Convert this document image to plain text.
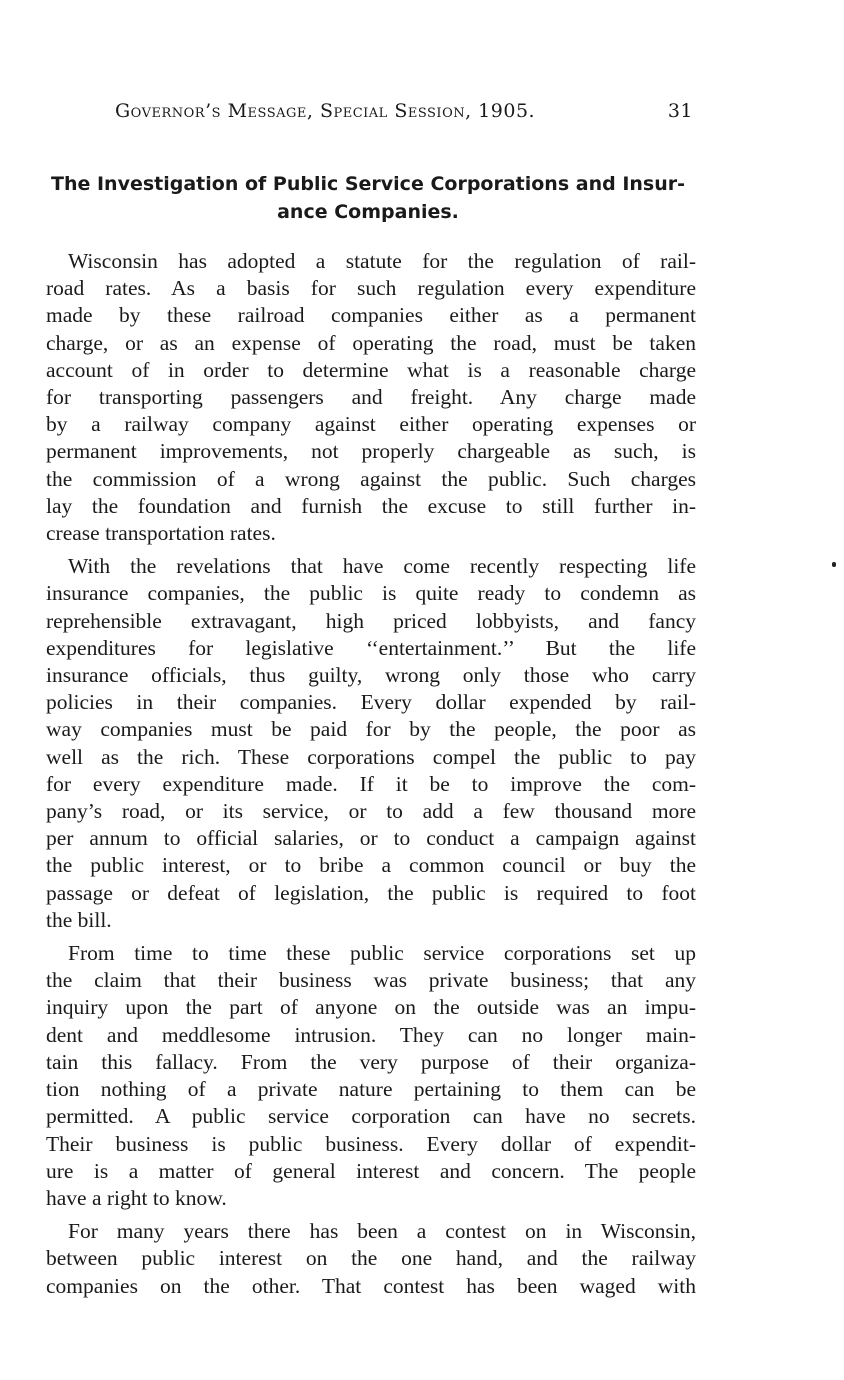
Governor’s Message, Special Session, 1905.	31
The Investigation of Public Service Corporations and Insur-
ance Companies.
Wisconsin has adopted a statute for the regulation of rail-
road rates. As a basis for such regulation every expenditure
made by these railroad companies either as a permanent
charge, or as an expense of operating the road, must be taken
account of in order to determine what is a reasonable charge
for transporting passengers and freight. Any charge made
by a railway company against either operating expenses or
permanent improvements, not properly chargeable as such, is
the commission of a wrong against the public. Such charges
lay the foundation and furnish the excuse to still further in-
crease transportation rates.
With the revelations that have come recently respecting life
insurance companies, the public is quite ready to condemn as
reprehensible extravagant, high priced lobbyists, and fancy
expenditures for legislative ‘‘entertainment.’’ But the life
insurance officials, thus guilty, wrong only those who carry
policies in their companies. Every dollar expended by rail-
way companies must be paid for by the people, the poor as
well as the rich. These corporations compel the public to pay
for every expenditure made. If it be to improve the com-
pany’s road, or its service, or to add a few thousand more
per annum to official salaries, or to conduct a campaign against
the public interest, or to bribe a common council or buy the
passage or defeat of legislation, the public is required to foot
the bill.
From time to time these public service corporations set up
the claim that their business was private business; that any
inquiry upon the part of anyone on the outside was an impu-
dent and meddlesome intrusion. They can no longer main-
tain this fallacy. From the very purpose of their organiza-
tion nothing of a private nature pertaining to them can be
permitted. A public service corporation can have no secrets.
Their business is public business. Every dollar of expendit-
ure is a matter of general interest and concern. The people
have a right to know.
For many years there has been a contest on in Wisconsin,
between public interest on the one hand, and the railway
companies on the other. That contest has been waged with
